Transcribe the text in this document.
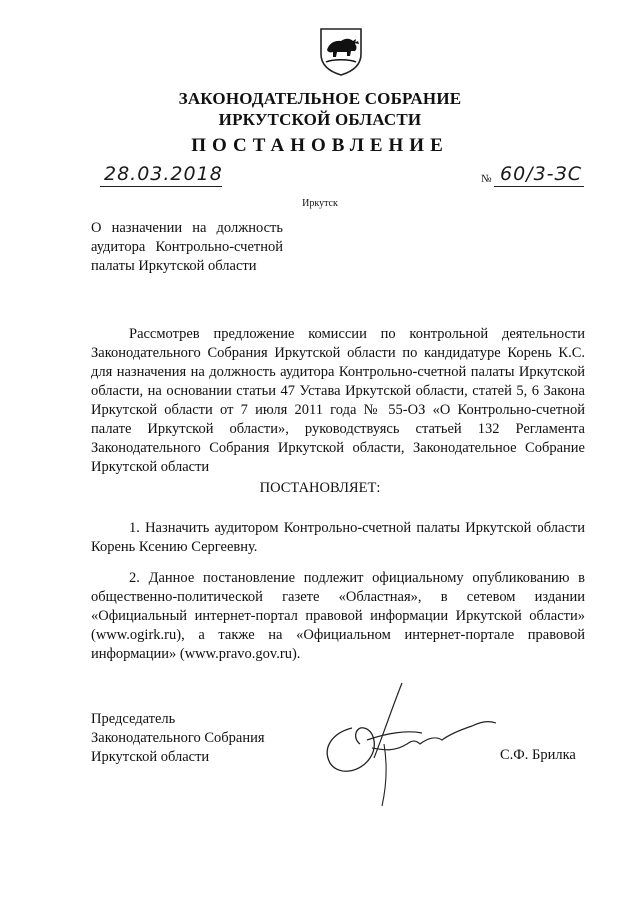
ЗАКОНОДАТЕЛЬНОЕ СОБРАНИЕ
ИРКУТСКОЙ ОБЛАСТИ
ПОСТАНОВЛЕНИЕ
28.03.2018	№ 60/3-ЗС
Иркутск
О назначении на должность аудитора Контрольно-счетной палаты Иркутской области
Рассмотрев предложение комиссии по контрольной деятельности Законодательного Собрания Иркутской области по кандидатуре Корень К.С. для назначения на должность аудитора Контрольно-счетной палаты Иркутской области, на основании статьи 47 Устава Иркутской области, статей 5, 6 Закона Иркутской области от 7 июля 2011 года № 55-ОЗ «О Контрольно-счетной палате Иркутской области», руководствуясь статьей 132 Регламента Законодательного Собрания Иркутской области, Законодательное Собрание Иркутской области
ПОСТАНОВЛЯЕТ:
1. Назначить аудитором Контрольно-счетной палаты Иркутской области Корень Ксению Сергеевну.
2. Данное постановление подлежит официальному опубликованию в общественно-политической газете «Областная», в сетевом издании «Официальный интернет-портал правовой информации Иркутской области» (www.ogirk.ru), а также на «Официальном интернет-портале правовой информации» (www.pravo.gov.ru).
Председатель
Законодательного Собрания
Иркутской области	С.Ф. Брилка
